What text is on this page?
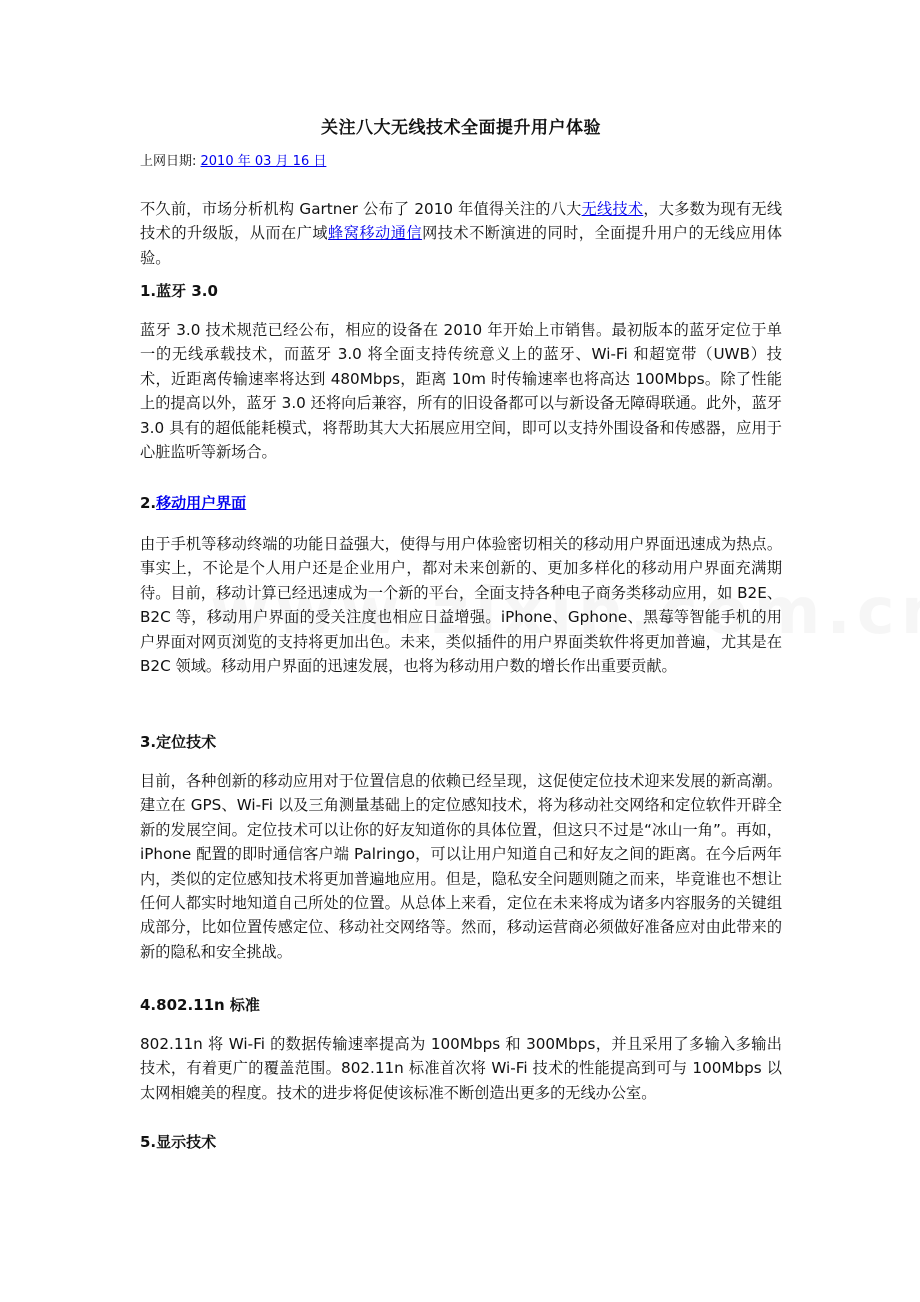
关注八大无线技术全面提升用户体验
上网日期: 2010 年 03 月 16 日

不久前，市场分析机构 Gartner 公布了 2010 年值得关注的八大无线技术，大多数为现有无线技术的升级版，从而在广域蜂窝移动通信网技术不断演进的同时，全面提升用户的无线应用体验。

1.蓝牙 3.0

蓝牙 3.0 技术规范已经公布，相应的设备在 2010 年开始上市销售。最初版本的蓝牙定位于单一的无线承载技术，而蓝牙 3.0 将全面支持传统意义上的蓝牙、Wi-Fi 和超宽带（UWB）技术，近距离传输速率将达到 480Mbps，距离 10m 时传输速率也将高达 100Mbps。除了性能上的提高以外，蓝牙 3.0 还将向后兼容，所有的旧设备都可以与新设备无障碍联通。此外，蓝牙 3.0 具有的超低能耗模式，将帮助其大大拓展应用空间，即可以支持外围设备和传感器，应用于心脏监听等新场合。

2.移动用户界面

由于手机等移动终端的功能日益强大，使得与用户体验密切相关的移动用户界面迅速成为热点。事实上，不论是个人用户还是企业用户，都对未来创新的、更加多样化的移动用户界面充满期待。目前，移动计算已经迅速成为一个新的平台，全面支持各种电子商务类移动应用，如 B2E、B2C 等，移动用户界面的受关注度也相应日益增强。iPhone、Gphone、黑莓等智能手机的用户界面对网页浏览的支持将更加出色。未来，类似插件的用户界面类软件将更加普遍，尤其是在 B2C 领域。移动用户界面的迅速发展，也将为移动用户数的增长作出重要贡献。

3.定位技术

目前，各种创新的移动应用对于位置信息的依赖已经呈现，这促使定位技术迎来发展的新高潮。建立在 GPS、Wi-Fi 以及三角测量基础上的定位感知技术，将为移动社交网络和定位软件开辟全新的发展空间。定位技术可以让你的好友知道你的具体位置，但这只不过是“冰山一角”。再如，iPhone 配置的即时通信客户端 Palringo，可以让用户知道自己和好友之间的距离。在今后两年内，类似的定位感知技术将更加普遍地应用。但是，隐私安全问题则随之而来，毕竟谁也不想让任何人都实时地知道自己所处的位置。从总体上来看，定位在未来将成为诸多内容服务的关键组成部分，比如位置传感定位、移动社交网络等。然而，移动运营商必须做好准备应对由此带来的新的隐私和安全挑战。

4.802.11n 标准

802.11n 将 Wi-Fi 的数据传输速率提高为 100Mbps 和 300Mbps，并且采用了多输入多输出技术，有着更广的覆盖范围。802.11n 标准首次将 Wi-Fi 技术的性能提高到可与 100Mbps 以太网相媲美的程度。技术的进步将促使该标准不断创造出更多的无线办公室。

5.显示技术
